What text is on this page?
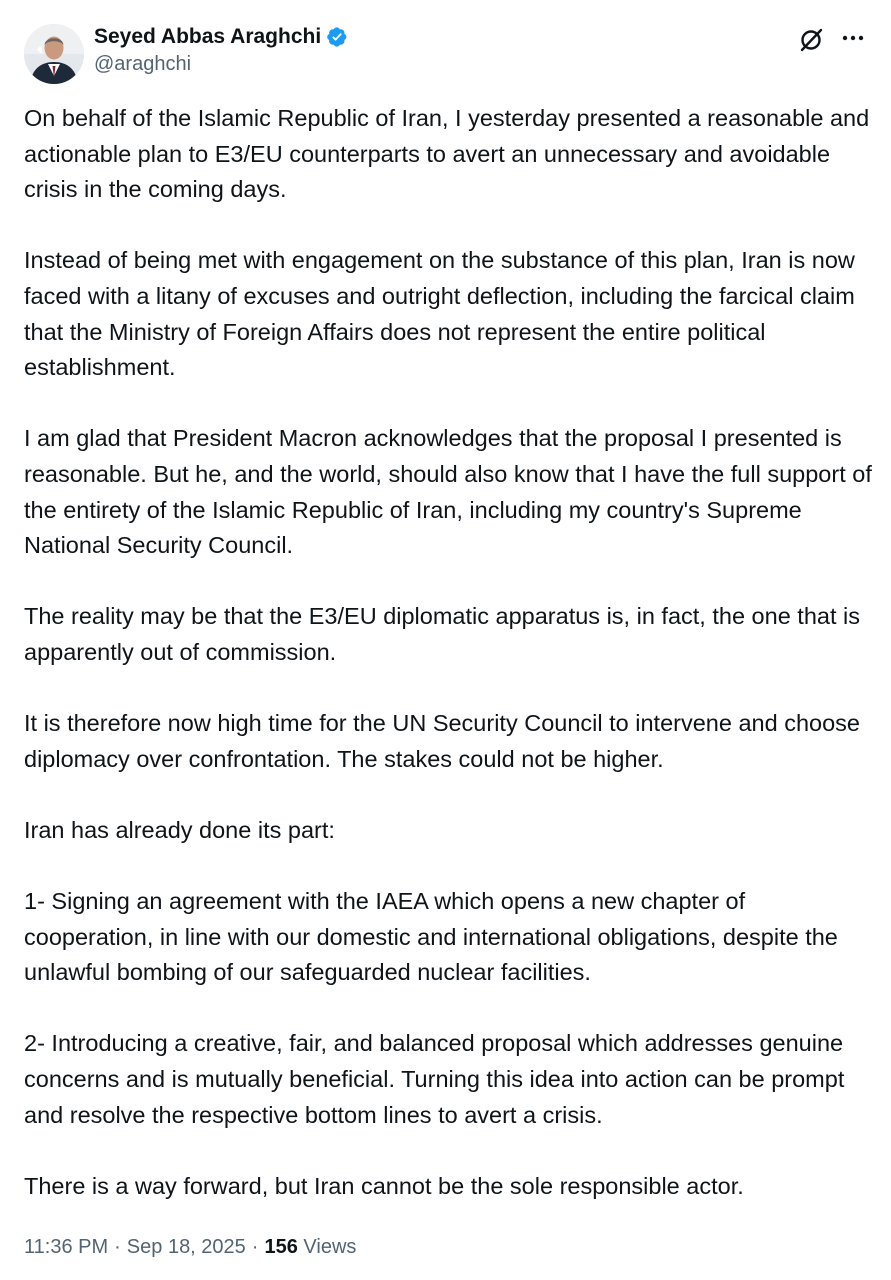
Seyed Abbas Araghchi
@araghchi

On behalf of the Islamic Republic of Iran, I yesterday presented a reasonable and actionable plan to E3/EU counterparts to avert an unnecessary and avoidable crisis in the coming days.

Instead of being met with engagement on the substance of this plan, Iran is now faced with a litany of excuses and outright deflection, including the farcical claim that the Ministry of Foreign Affairs does not represent the entire political establishment.

I am glad that President Macron acknowledges that the proposal I presented is reasonable. But he, and the world, should also know that I have the full support of the entirety of the Islamic Republic of Iran, including my country's Supreme National Security Council.

The reality may be that the E3/EU diplomatic apparatus is, in fact, the one that is apparently out of commission.

It is therefore now high time for the UN Security Council to intervene and choose diplomacy over confrontation. The stakes could not be higher.

Iran has already done its part:

1- Signing an agreement with the IAEA which opens a new chapter of cooperation, in line with our domestic and international obligations, despite the unlawful bombing of our safeguarded nuclear facilities.

2- Introducing a creative, fair, and balanced proposal which addresses genuine concerns and is mutually beneficial. Turning this idea into action can be prompt and resolve the respective bottom lines to avert a crisis.

There is a way forward, but Iran cannot be the sole responsible actor.

11:36 PM · Sep 18, 2025 · 156 Views
